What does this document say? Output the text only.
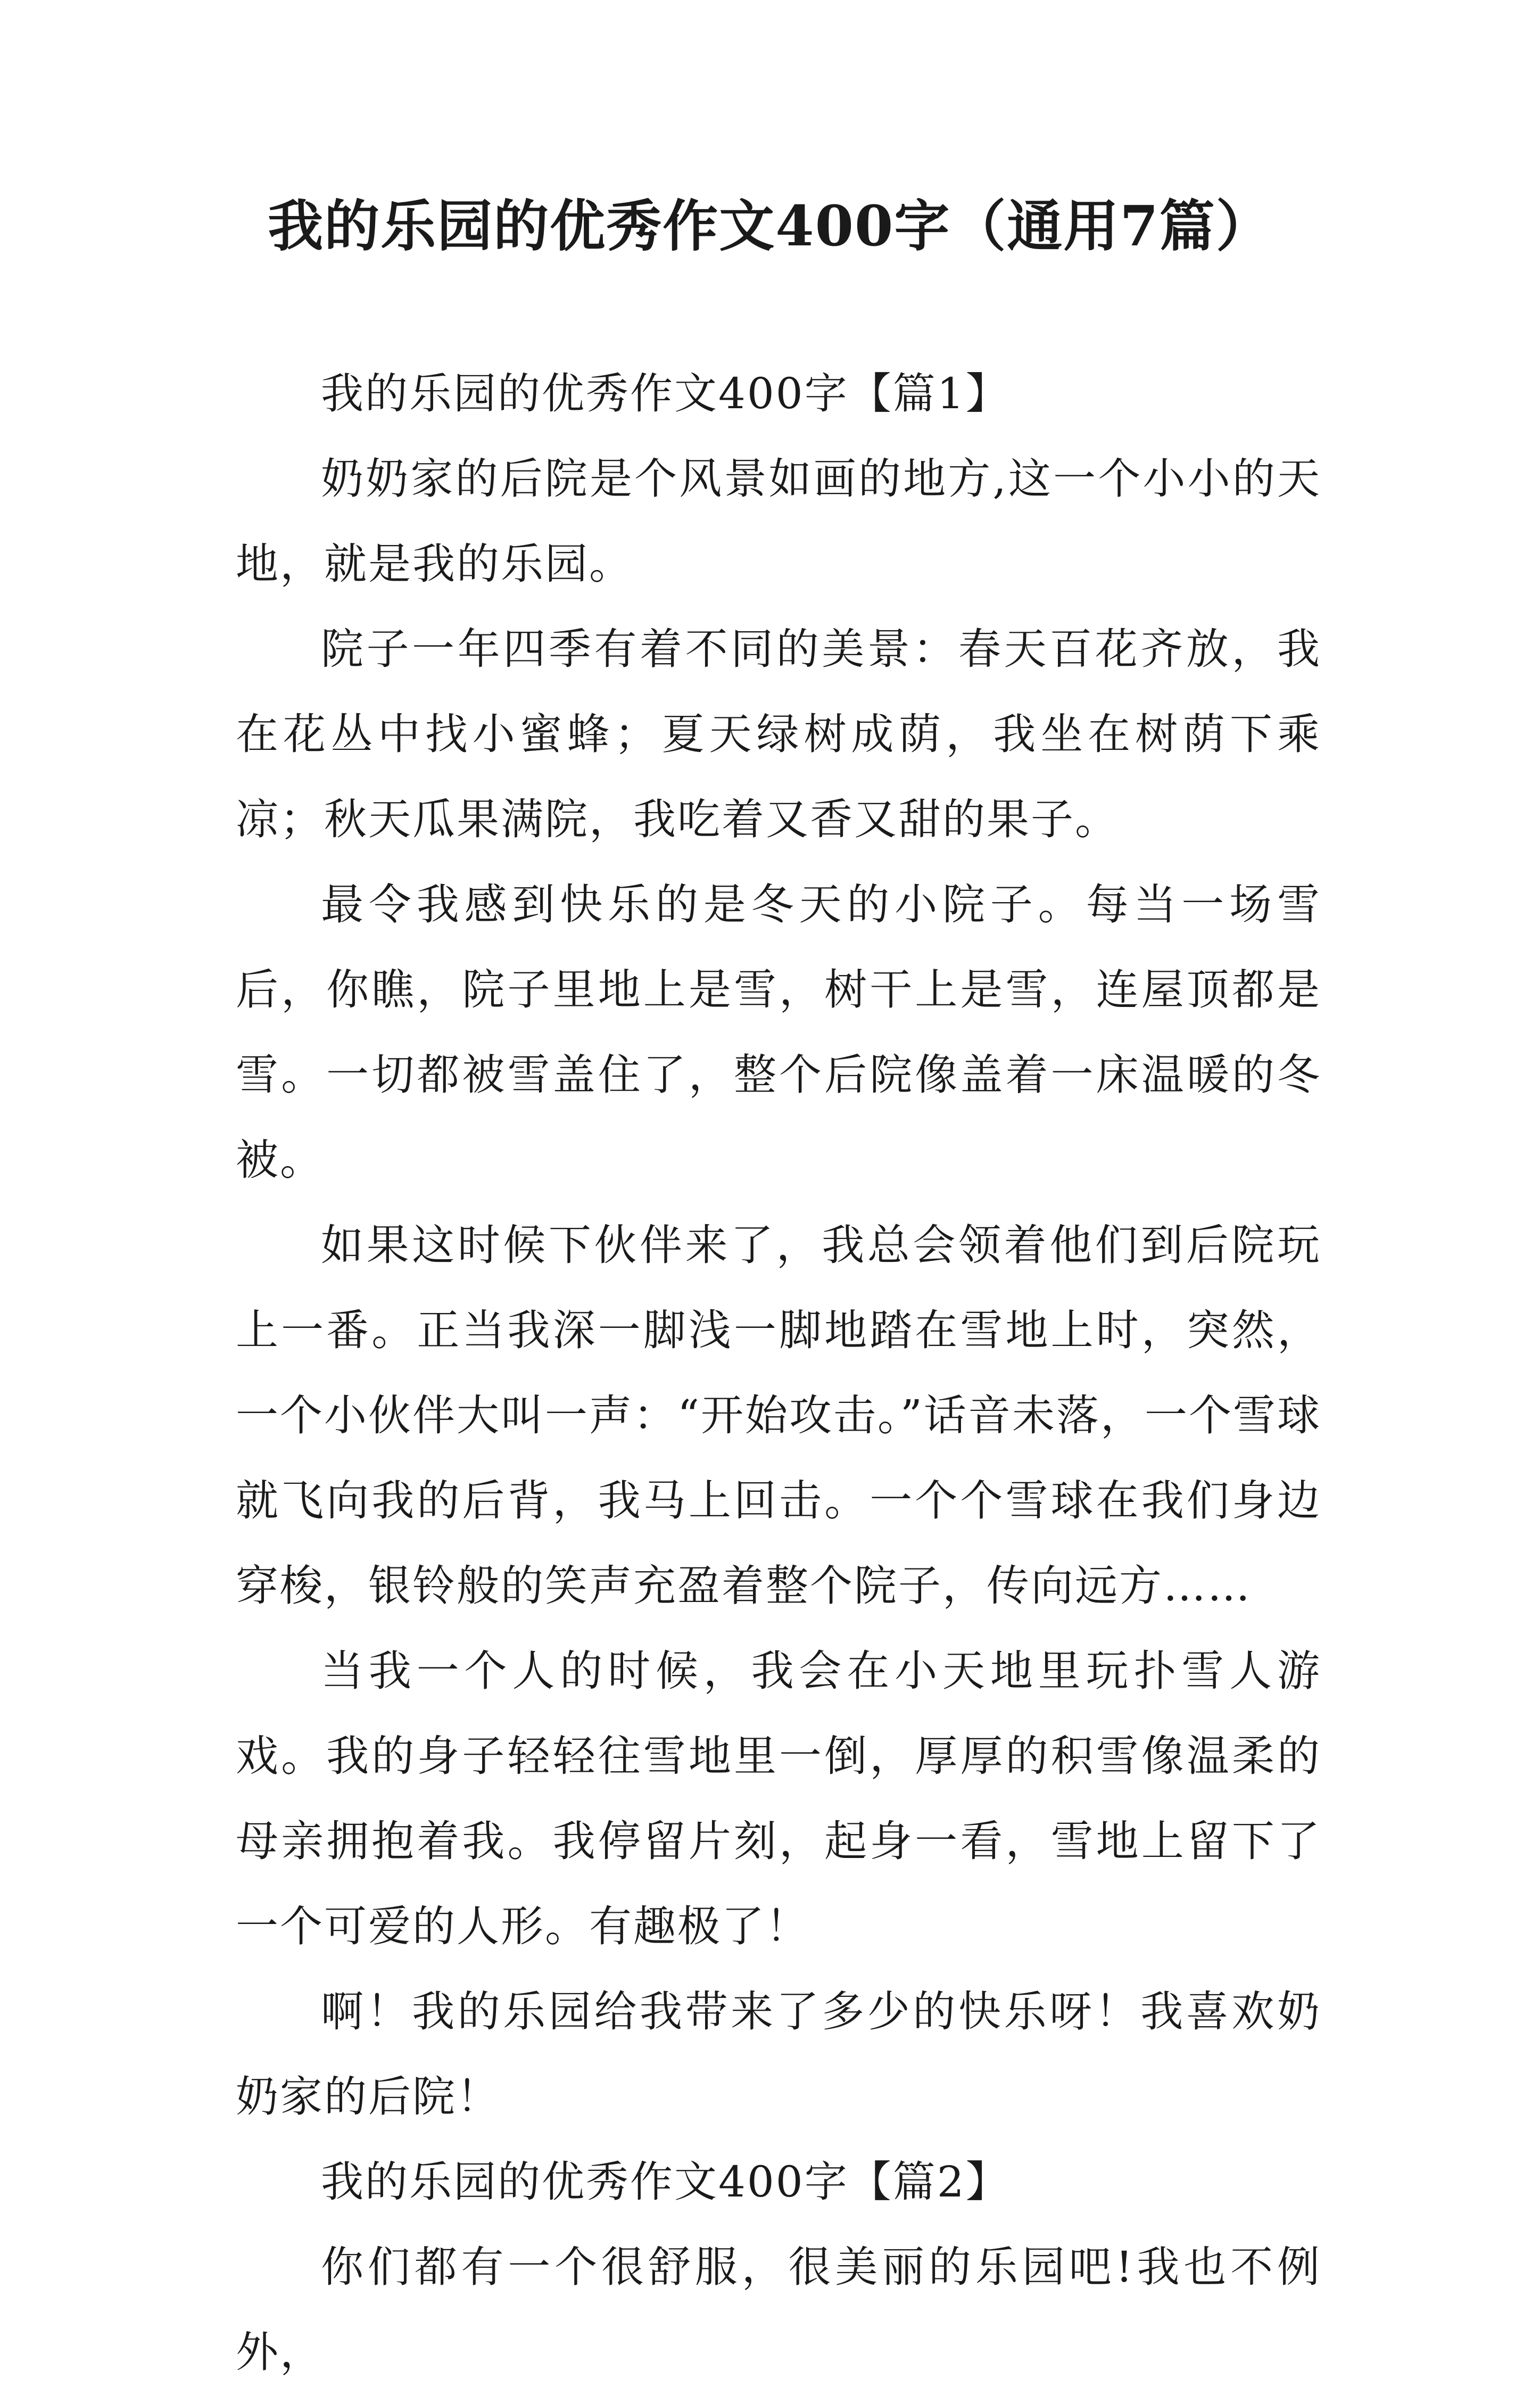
我的乐园的优秀作文400字（通用7篇）

我的乐园的优秀作文400字【篇1】

奶奶家的后院是个风景如画的地方,这一个小小的天地，就是我的乐园。

院子一年四季有着不同的美景：春天百花齐放，我在花丛中找小蜜蜂；夏天绿树成荫，我坐在树荫下乘凉；秋天瓜果满院，我吃着又香又甜的果子。

最令我感到快乐的是冬天的小院子。每当一场雪后，你瞧，院子里地上是雪，树干上是雪，连屋顶都是雪。一切都被雪盖住了，整个后院像盖着一床温暖的冬被。

如果这时候下伙伴来了，我总会领着他们到后院玩上一番。正当我深一脚浅一脚地踏在雪地上时，突然，一个小伙伴大叫一声：“开始攻击。”话音未落，一个雪球就飞向我的后背，我马上回击。一个个雪球在我们身边穿梭，银铃般的笑声充盈着整个院子，传向远方……

当我一个人的时候，我会在小天地里玩扑雪人游戏。我的身子轻轻往雪地里一倒，厚厚的积雪像温柔的母亲拥抱着我。我停留片刻，起身一看，雪地上留下了一个可爱的人形。有趣极了！

啊！我的乐园给我带来了多少的快乐呀！我喜欢奶奶家的后院！

我的乐园的优秀作文400字【篇2】

你们都有一个很舒服，很美丽的乐园吧!我也不例外，
